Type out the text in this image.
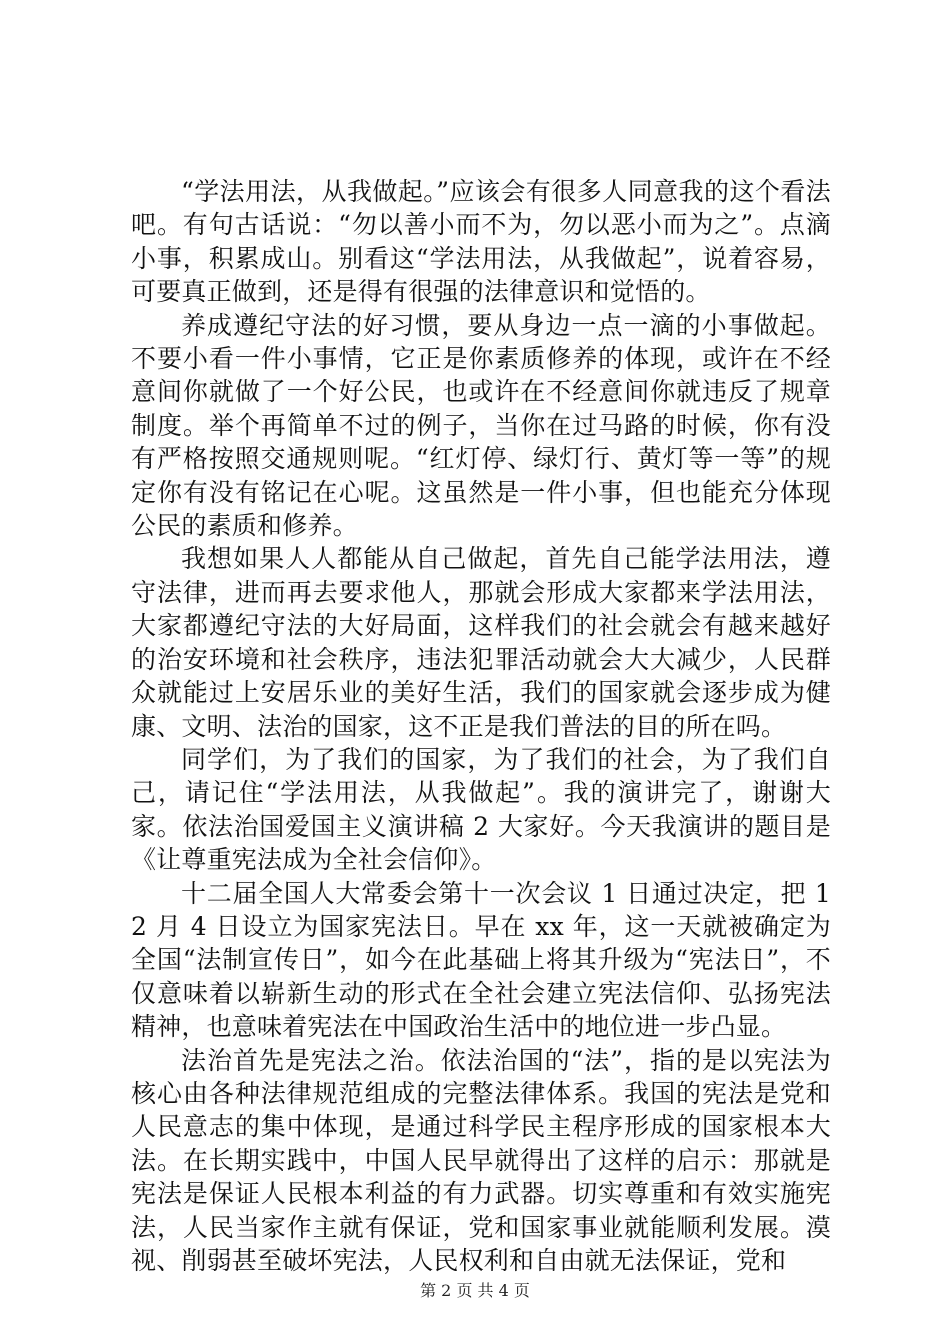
“学法用法，从我做起。”应该会有很多人同意我的这个看法吧。有句古话说：“勿以善小而不为，勿以恶小而为之”。点滴小事，积累成山。别看这“学法用法，从我做起”，说着容易，可要真正做到，还是得有很强的法律意识和觉悟的。

养成遵纪守法的好习惯，要从身边一点一滴的小事做起。不要小看一件小事情，它正是你素质修养的体现，或许在不经意间你就做了一个好公民，也或许在不经意间你就违反了规章制度。举个再简单不过的例子，当你在过马路的时候，你有没有严格按照交通规则呢。“红灯停、绿灯行、黄灯等一等”的规定你有没有铭记在心呢。这虽然是一件小事，但也能充分体现公民的素质和修养。

我想如果人人都能从自己做起，首先自己能学法用法，遵守法律，进而再去要求他人，那就会形成大家都来学法用法，大家都遵纪守法的大好局面，这样我们的社会就会有越来越好的治安环境和社会秩序，违法犯罪活动就会大大减少，人民群众就能过上安居乐业的美好生活，我们的国家就会逐步成为健康、文明、法治的国家，这不正是我们普法的目的所在吗。

同学们，为了我们的国家，为了我们的社会，为了我们自己，请记住“学法用法，从我做起”。我的演讲完了，谢谢大家。依法治国爱国主义演讲稿 2 大家好。今天我演讲的题目是《让尊重宪法成为全社会信仰》。

十二届全国人大常委会第十一次会议 1 日通过决定，把 12 月 4 日设立为国家宪法日。早在 xx 年，这一天就被确定为全国“法制宣传日”，如今在此基础上将其升级为“宪法日”，不仅意味着以崭新生动的形式在全社会建立宪法信仰、弘扬宪法精神，也意味着宪法在中国政治生活中的地位进一步凸显。

法治首先是宪法之治。依法治国的“法”，指的是以宪法为核心由各种法律规范组成的完整法律体系。我国的宪法是党和人民意志的集中体现，是通过科学民主程序形成的国家根本大法。在长期实践中，中国人民早就得出了这样的启示：那就是宪法是保证人民根本利益的有力武器。切实尊重和有效实施宪法，人民当家作主就有保证，党和国家事业就能顺利发展。漠视、削弱甚至破坏宪法，人民权利和自由就无法保证，党和

第 2 页 共 4 页
